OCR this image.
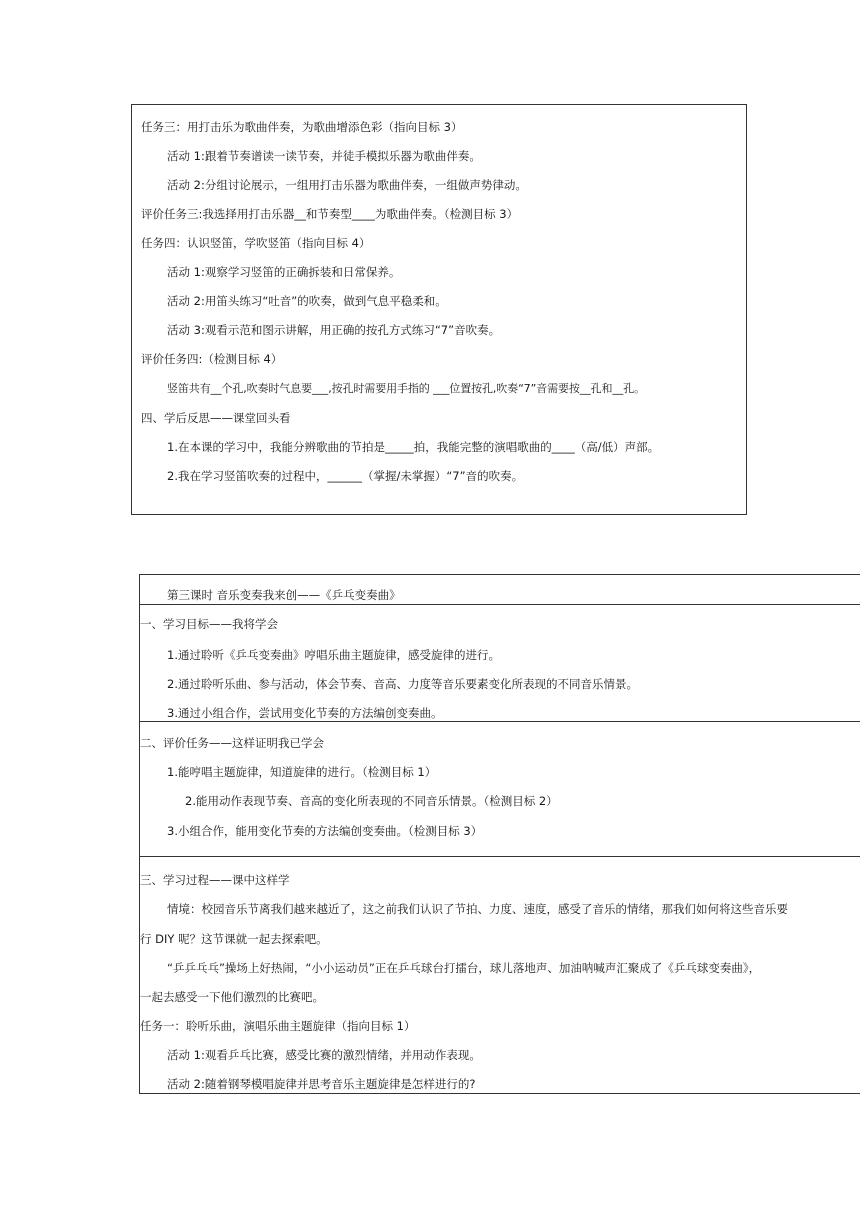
任务三：用打击乐为歌曲伴奏，为歌曲增添色彩（指向目标 3）
活动 1:跟着节奏谱读一读节奏，并徒手模拟乐器为歌曲伴奏。
活动 2:分组讨论展示，一组用打击乐器为歌曲伴奏，一组做声势律动。
评价任务三:我选择用打击乐器__和节奏型____为歌曲伴奏。（检测目标 3）
任务四：认识竖笛，学吹竖笛（指向目标 4）
活动 1:观察学习竖笛的正确拆装和日常保养。
活动 2:用笛头练习“吐音”的吹奏，做到气息平稳柔和。
活动 3:观看示范和图示讲解，用正确的按孔方式练习“7”音吹奏。
评价任务四:（检测目标 4）
竖笛共有__个孔,吹奏时气息要___,按孔时需要用手指的 ___位置按孔,吹奏“7”音需要按__孔和__孔。
四、学后反思——课堂回头看
1.在本课的学习中，我能分辨歌曲的节拍是_____拍，我能完整的演唱歌曲的____（高/低）声部。
2.我在学习竖笛吹奏的过程中，______（掌握/未掌握）“7”音的吹奏。
第三课时 音乐变奏我来创——《乒乓变奏曲》
一、学习目标——我将学会
1.通过聆听《乒乓变奏曲》哼唱乐曲主题旋律，感受旋律的进行。
2.通过聆听乐曲、参与活动，体会节奏、音高、力度等音乐要素变化所表现的不同音乐情景。
3.通过小组合作，尝试用变化节奏的方法编创变奏曲。
二、评价任务——这样证明我已学会
1.能哼唱主题旋律，知道旋律的进行。（检测目标 1）
2.能用动作表现节奏、音高的变化所表现的不同音乐情景。（检测目标 2）
3.小组合作，能用变化节奏的方法编创变奏曲。（检测目标 3）
三、学习过程——课中这样学
情境：校园音乐节离我们越来越近了，这之前我们认识了节拍、力度、速度，感受了音乐的情绪，那我们如何将这些音乐要
行 DIY 呢？这节课就一起去探索吧。
“乒乒乓乓”操场上好热闹，“小小运动员”正在乒乓球台打擂台，球儿落地声、加油呐喊声汇聚成了《乒乓球变奏曲》，
一起去感受一下他们激烈的比赛吧。
任务一：聆听乐曲，演唱乐曲主题旋律（指向目标 1）
活动 1:观看乒乓比赛，感受比赛的激烈情绪，并用动作表现。
活动 2:随着钢琴模唱旋律并思考音乐主题旋律是怎样进行的?
